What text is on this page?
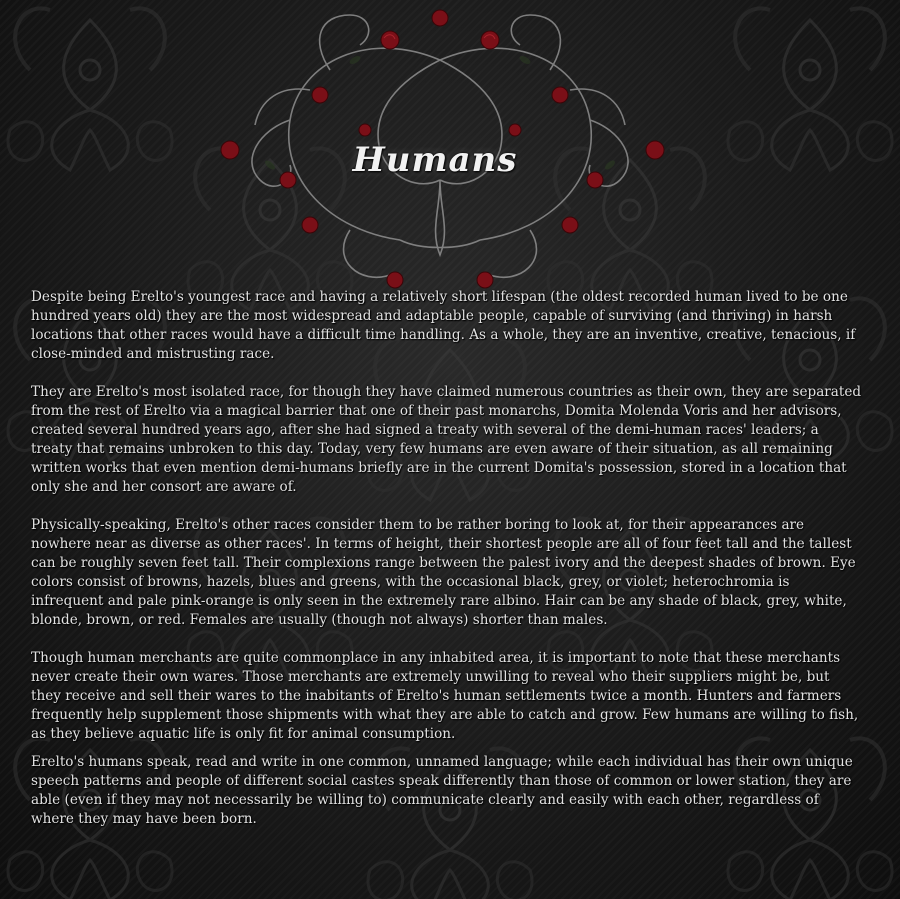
Humans

Despite being Erelto's youngest race and having a relatively short lifespan (the oldest recorded human lived to be one hundred years old) they are the most widespread and adaptable people, capable of surviving (and thriving) in harsh locations that other races would have a difficult time handling. As a whole, they are an inventive, creative, tenacious, if close-minded and mistrusting race.

They are Erelto's most isolated race, for though they have claimed numerous countries as their own, they are separated from the rest of Erelto via a magical barrier that one of their past monarchs, Domita Molenda Voris and her advisors, created several hundred years ago, after she had signed a treaty with several of the demi-human races' leaders; a treaty that remains unbroken to this day. Today, very few humans are even aware of their situation, as all remaining written works that even mention demi-humans briefly are in the current Domita's possession, stored in a location that only she and her consort are aware of.

Physically-speaking, Erelto's other races consider them to be rather boring to look at, for their appearances are nowhere near as diverse as other races'. In terms of height, their shortest people are all of four feet tall and the tallest can be roughly seven feet tall. Their complexions range between the palest ivory and the deepest shades of brown. Eye colors consist of browns, hazels, blues and greens, with the occasional black, grey, or violet; heterochromia is infrequent and pale pink-orange is only seen in the extremely rare albino. Hair can be any shade of black, grey, white, blonde, brown, or red. Females are usually (though not always) shorter than males.

Though human merchants are quite commonplace in any inhabited area, it is important to note that these merchants never create their own wares. Those merchants are extremely unwilling to reveal who their suppliers might be, but they receive and sell their wares to the inabitants of Erelto's human settlements twice a month. Hunters and farmers frequently help supplement those shipments with what they are able to catch and grow. Few humans are willing to fish, as they believe aquatic life is only fit for animal consumption.

Erelto's humans speak, read and write in one common, unnamed language; while each individual has their own unique speech patterns and people of different social castes speak differently than those of common or lower station, they are able (even if they may not necessarily be willing to) communicate clearly and easily with each other, regardless of where they may have been born.
